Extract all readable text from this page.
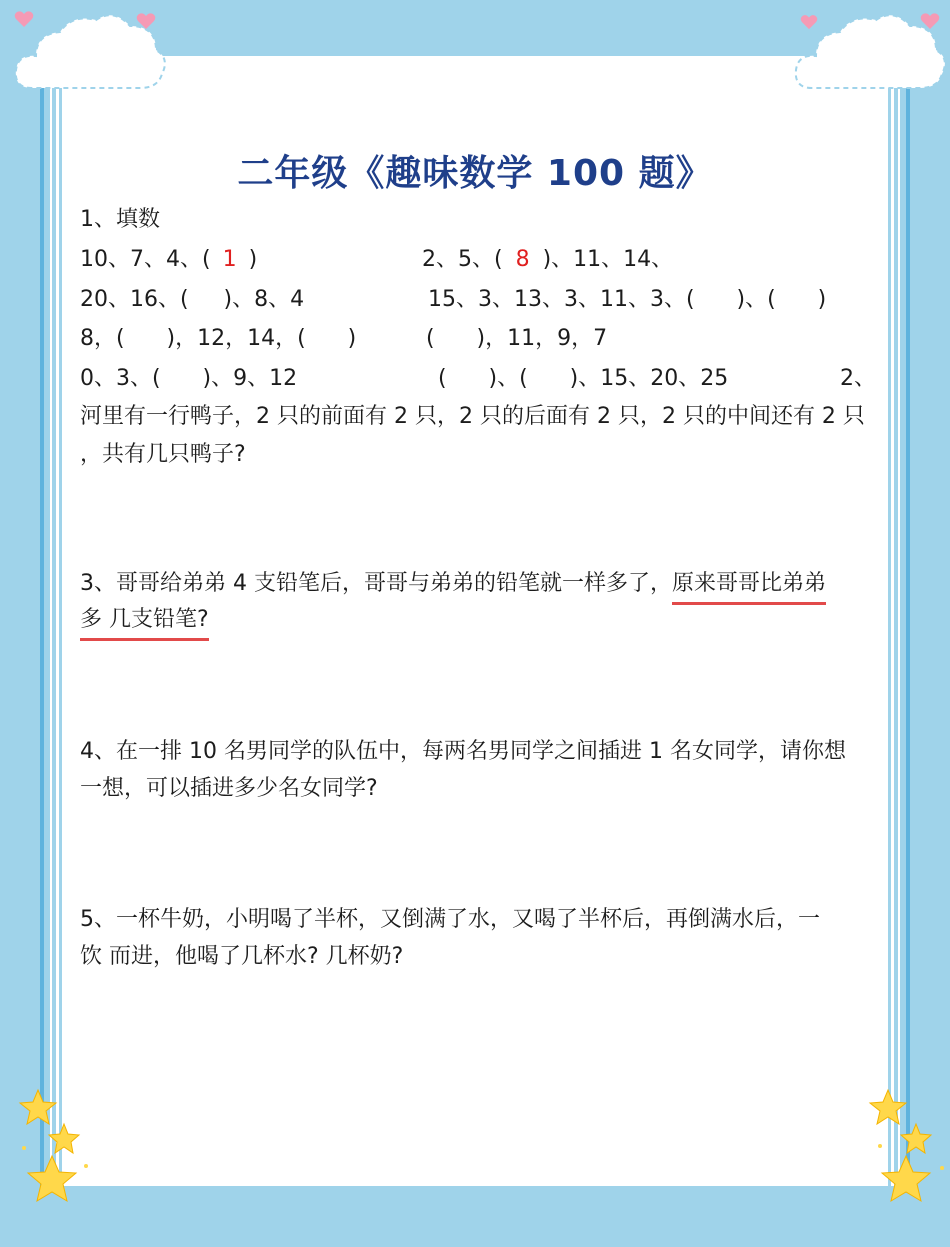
二年级《趣味数学 100 题》
1、填数
10、7、4、( 1 )	2、5、( 8 )、11、14、
20、16、(     )、8、4	15、3、13、3、11、3、(      )、(      )
8，(      )，12，14，(      )	(      )，11，9，7
0、3、(      )、9、12	(      )、(      )、15、20、25	2、
河里有一行鸭子，2 只的前面有 2 只，2 只的后面有 2 只，2 只的中间还有 2 只
，共有几只鸭子?
3、哥哥给弟弟 4 支铅笔后，哥哥与弟弟的铅笔就一样多了，原来哥哥比弟弟
多 几支铅笔?
4、在一排 10 名男同学的队伍中，每两名男同学之间插进 1 名女同学，请你想
一想，可以插进多少名女同学?
5、一杯牛奶，小明喝了半杯，又倒满了水，又喝了半杯后，再倒满水后，一
饮 而进，他喝了几杯水? 几杯奶?
